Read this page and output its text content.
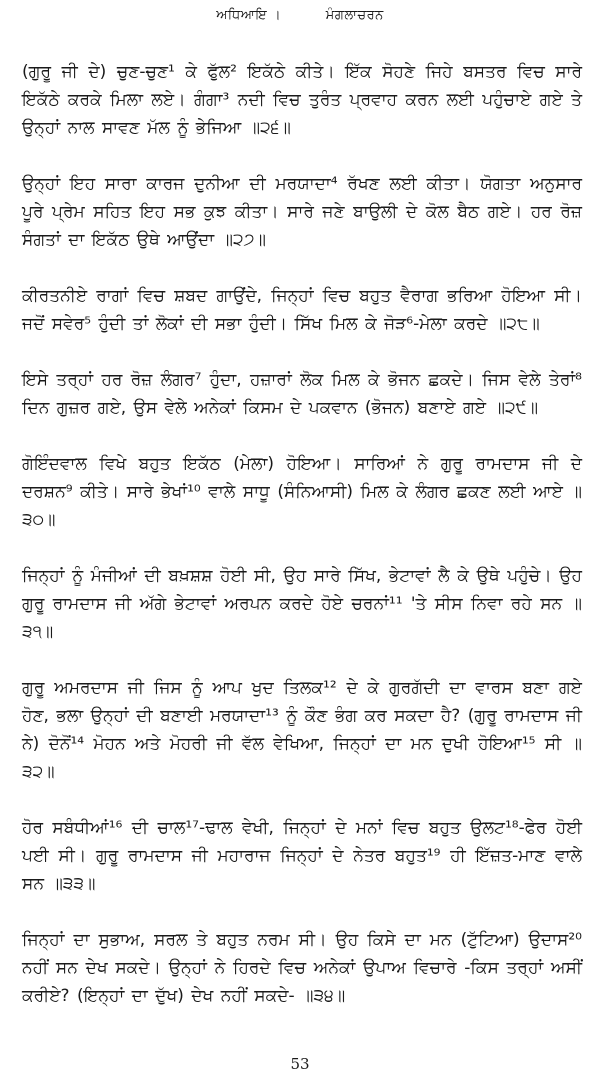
ਅਧਿਆਇ ।	ਮੰਗਲਾਚਰਨ

(ਗੁਰੂ ਜੀ ਦੇ) ਚੁਣ-ਚੁਣ¹ ਕੇ ਫੁੱਲ² ਇਕੱਠੇ ਕੀਤੇ। ਇੱਕ ਸੋਹਣੇ ਜਿਹੇ ਬਸਤਰ ਵਿਚ ਸਾਰੇ ਇਕੱਠੇ ਕਰਕੇ ਮਿਲਾ ਲਏ। ਗੰਗਾ³ ਨਦੀ ਵਿਚ ਤੁਰੰਤ ਪ੍ਰਵਾਹ ਕਰਨ ਲਈ ਪਹੁੰਚਾਏ ਗਏ ਤੇ ਉਨ੍ਹਾਂ ਨਾਲ ਸਾਵਣ ਮੱਲ ਨੂੰ ਭੇਜਿਆ ॥੨੬॥

ਉਨ੍ਹਾਂ ਇਹ ਸਾਰਾ ਕਾਰਜ ਦੁਨੀਆ ਦੀ ਮਰਯਾਦਾ⁴ ਰੱਖਣ ਲਈ ਕੀਤਾ। ਯੋਗਤਾ ਅਨੁਸਾਰ ਪੂਰੇ ਪ੍ਰੇਮ ਸਹਿਤ ਇਹ ਸਭ ਕੁਝ ਕੀਤਾ। ਸਾਰੇ ਜਣੇ ਬਾਉਲੀ ਦੇ ਕੋਲ ਬੈਠ ਗਏ। ਹਰ ਰੋਜ਼ ਸੰਗਤਾਂ ਦਾ ਇਕੱਠ ਉਥੇ ਆਉਂਦਾ ॥੨੭॥

ਕੀਰਤਨੀਏ ਰਾਗਾਂ ਵਿਚ ਸ਼ਬਦ ਗਾਉਂਦੇ, ਜਿਨ੍ਹਾਂ ਵਿਚ ਬਹੁਤ ਵੈਰਾਗ ਭਰਿਆ ਹੋਇਆ ਸੀ। ਜਦੋਂ ਸਵੇਰ⁵ ਹੁੰਦੀ ਤਾਂ ਲੋਕਾਂ ਦੀ ਸਭਾ ਹੁੰਦੀ। ਸਿੱਖ ਮਿਲ ਕੇ ਜੋੜ⁶-ਮੇਲਾ ਕਰਦੇ ॥੨੮॥

ਇਸੇ ਤਰ੍ਹਾਂ ਹਰ ਰੋਜ਼ ਲੰਗਰ⁷ ਹੁੰਦਾ, ਹਜ਼ਾਰਾਂ ਲੋਕ ਮਿਲ ਕੇ ਭੋਜਨ ਛਕਦੇ। ਜਿਸ ਵੇਲੇ ਤੇਰਾਂ⁸ ਦਿਨ ਗੁਜ਼ਰ ਗਏ, ਉਸ ਵੇਲੇ ਅਨੇਕਾਂ ਕਿਸਮ ਦੇ ਪਕਵਾਨ (ਭੋਜਨ) ਬਣਾਏ ਗਏ ॥੨੯॥

ਗੋਇੰਦਵਾਲ ਵਿਖੇ ਬਹੁਤ ਇਕੱਠ (ਮੇਲਾ) ਹੋਇਆ। ਸਾਰਿਆਂ ਨੇ ਗੁਰੂ ਰਾਮਦਾਸ ਜੀ ਦੇ ਦਰਸ਼ਨ⁹ ਕੀਤੇ। ਸਾਰੇ ਭੇਖਾਂ¹⁰ ਵਾਲੇ ਸਾਧੂ (ਸੰਨਿਆਸੀ) ਮਿਲ ਕੇ ਲੰਗਰ ਛਕਣ ਲਈ ਆਏ ॥੩੦॥

ਜਿਨ੍ਹਾਂ ਨੂੰ ਮੰਜੀਆਂ ਦੀ ਬਖ਼ਸ਼ਸ਼ ਹੋਈ ਸੀ, ਉਹ ਸਾਰੇ ਸਿੱਖ, ਭੇਟਾਵਾਂ ਲੈ ਕੇ ਉਥੇ ਪਹੁੰਚੇ। ਉਹ ਗੁਰੂ ਰਾਮਦਾਸ ਜੀ ਅੱਗੇ ਭੇਟਾਵਾਂ ਅਰਪਨ ਕਰਦੇ ਹੋਏ ਚਰਨਾਂ¹¹ 'ਤੇ ਸੀਸ ਨਿਵਾ ਰਹੇ ਸਨ ॥੩੧॥

ਗੁਰੂ ਅਮਰਦਾਸ ਜੀ ਜਿਸ ਨੂੰ ਆਪ ਖੁਦ ਤਿਲਕ¹² ਦੇ ਕੇ ਗੁਰਗੱਦੀ ਦਾ ਵਾਰਸ ਬਣਾ ਗਏ ਹੋਣ, ਭਲਾ ਉਨ੍ਹਾਂ ਦੀ ਬਣਾਈ ਮਰਯਾਦਾ¹³ ਨੂੰ ਕੌਣ ਭੰਗ ਕਰ ਸਕਦਾ ਹੈ? (ਗੁਰੂ ਰਾਮਦਾਸ ਜੀ ਨੇ) ਦੋਨੋਂ¹⁴ ਮੋਹਨ ਅਤੇ ਮੋਹਰੀ ਜੀ ਵੱਲ ਵੇਖਿਆ, ਜਿਨ੍ਹਾਂ ਦਾ ਮਨ ਦੁਖੀ ਹੋਇਆ¹⁵ ਸੀ ॥੩੨॥

ਹੋਰ ਸਬੰਧੀਆਂ¹⁶ ਦੀ ਚਾਲ¹⁷-ਢਾਲ ਵੇਖੀ, ਜਿਨ੍ਹਾਂ ਦੇ ਮਨਾਂ ਵਿਚ ਬਹੁਤ ਉਲਟ¹⁸-ਫੇਰ ਹੋਈ ਪਈ ਸੀ। ਗੁਰੂ ਰਾਮਦਾਸ ਜੀ ਮਹਾਰਾਜ ਜਿਨ੍ਹਾਂ ਦੇ ਨੇਤਰ ਬਹੁਤ¹⁹ ਹੀ ਇੱਜ਼ਤ-ਮਾਣ ਵਾਲੇ ਸਨ ॥੩੩॥

ਜਿਨ੍ਹਾਂ ਦਾ ਸੁਭਾਅ, ਸਰਲ ਤੇ ਬਹੁਤ ਨਰਮ ਸੀ। ਉਹ ਕਿਸੇ ਦਾ ਮਨ (ਟੁੱਟਿਆ) ਉਦਾਸ²⁰ ਨਹੀਂ ਸਨ ਦੇਖ ਸਕਦੇ। ਉਨ੍ਹਾਂ ਨੇ ਹਿਰਦੇ ਵਿਚ ਅਨੇਕਾਂ ਉਪਾਅ ਵਿਚਾਰੇ -ਕਿਸ ਤਰ੍ਹਾਂ ਅਸੀਂ ਕਰੀਏ? (ਇਨ੍ਹਾਂ ਦਾ ਦੁੱਖ) ਦੇਖ ਨਹੀਂ ਸਕਦੇ- ॥੩੪॥

53
